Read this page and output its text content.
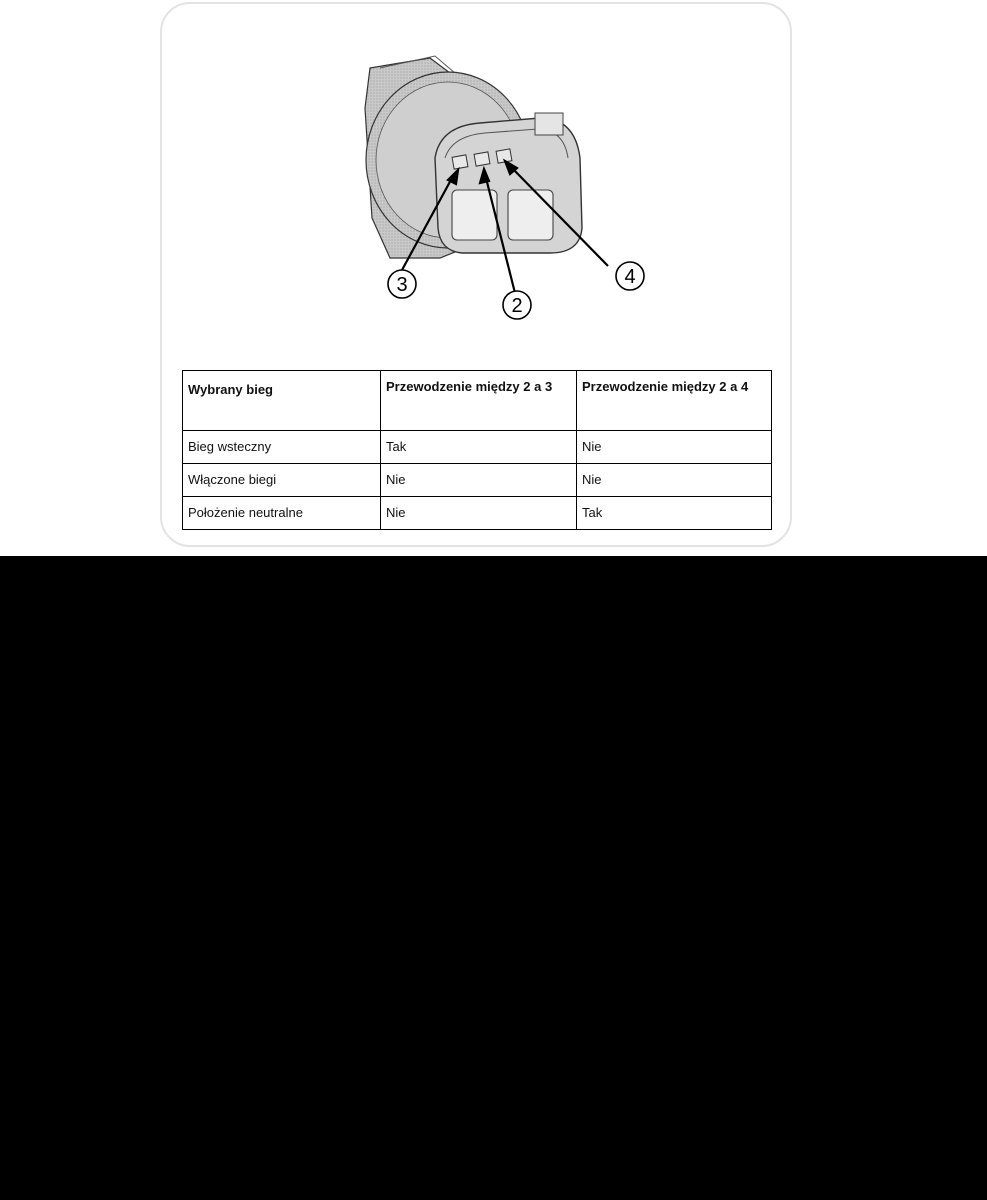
3
2
4
Wybrany bieg	Przewodzenie między 2 a 3	Przewodzenie między 2 a 4
Bieg wsteczny	Tak	Nie
Włączone biegi	Nie	Nie
Położenie neutralne	Nie	Tak
